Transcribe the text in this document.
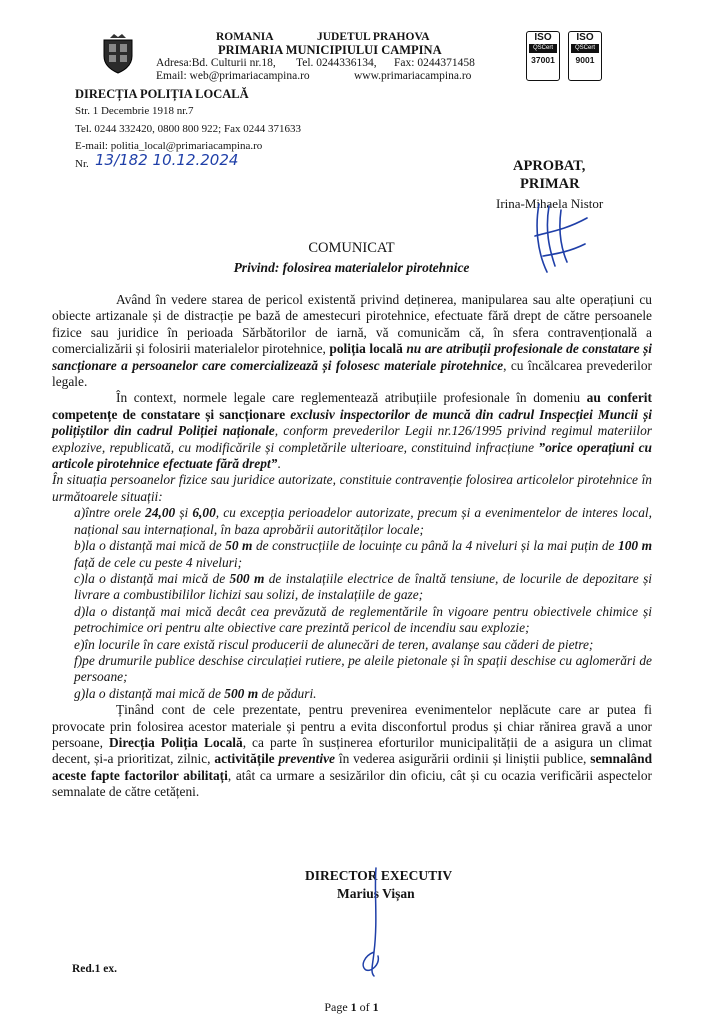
ROMANIA	JUDETUL PRAHOVA
PRIMARIA MUNICIPIULUI CAMPINA
Adresa:Bd. Culturii nr.18, Tel. 0244336134, Fax: 0244371458
Email: web@primariacampina.ro	www.primariacampina.ro
ISO
QSCert
37001
ISO
QSCert
9001
DIRECȚIA POLIȚIA LOCALĂ
Str. 1 Decembrie 1918 nr.7
Tel. 0244 332420, 0800 800 922; Fax 0244 371633
E-mail: politia_local@primariacampina.ro
Nr. 13/182 10.12.2024	APROBAT,
PRIMAR
Irina-Mihaela Nistor
COMUNICAT
Privind: folosirea materialelor pirotehnice

Având în vedere starea de pericol existentă privind deținerea, manipularea sau alte operațiuni cu obiecte artizanale și de distracție pe bază de amestecuri pirotehnice, efectuate fără drept de către persoanele fizice sau juridice în perioada Sărbătorilor de iarnă, vă comunicăm că, în sfera contravențională a comercializării și folosirii materialelor pirotehnice, poliția locală nu are atribuții profesionale de constatare și sancționare a persoanelor care comercializează și folosesc materiale pirotehnice, cu încălcarea prevederilor legale.

În context, normele legale care reglementează atribuțiile profesionale în domeniu au conferit competențe de constatare și sancționare exclusiv inspectorilor de muncă din cadrul Inspecției Muncii și polițiștilor din cadrul Poliției naționale, conform prevederilor Legii nr.126/1995 privind regimul materiilor explozive, republicată, cu modificările și completările ulterioare, constituind infracțiune ”orice operațiuni cu articole pirotehnice efectuate fără drept”.

În situația persoanelor fizice sau juridice autorizate, constituie contravenție folosirea articolelor pirotehnice în următoarele situații:

a)între orele 24,00 și 6,00, cu excepția perioadelor autorizate, precum și a evenimentelor de interes local, național sau internațional, în baza aprobării autorităților locale;

b)la o distanță mai mică de 50 m de construcțiile de locuințe cu până la 4 niveluri și la mai puțin de 100 m față de cele cu peste 4 niveluri;

c)la o distanță mai mică de 500 m de instalațiile electrice de înaltă tensiune, de locurile de depozitare și livrare a combustibililor lichizi sau solizi, de instalațiile de gaze;

d)la o distanță mai mică decât cea prevăzută de reglementările în vigoare pentru obiectivele chimice și petrochimice ori pentru alte obiective care prezintă pericol de incendiu sau explozie;

e)în locurile în care există riscul producerii de alunecări de teren, avalanșe sau căderi de pietre;

f)pe drumurile publice deschise circulației rutiere, pe aleile pietonale și în spații deschise cu aglomerări de persoane;

g)la o distanță mai mică de 500 m de păduri.

Ținând cont de cele prezentate, pentru prevenirea evenimentelor neplăcute care ar putea fi provocate prin folosirea acestor materiale și pentru a evita disconfortul produs și chiar rănirea gravă a unor persoane, Direcția Poliția Locală, ca parte în susținerea eforturilor municipalității de a asigura un climat decent, și-a prioritizat, zilnic, activitățile preventive în vederea asigurării ordinii și liniștii publice, semnalând aceste fapte factorilor abilitați, atât ca urmare a sesizărilor din oficiu, cât și cu ocazia verificării aspectelor semnalate de către cetățeni.

DIRECTOR EXECUTIV
Marius Vișan
Red.1 ex.
Page 1 of 1
